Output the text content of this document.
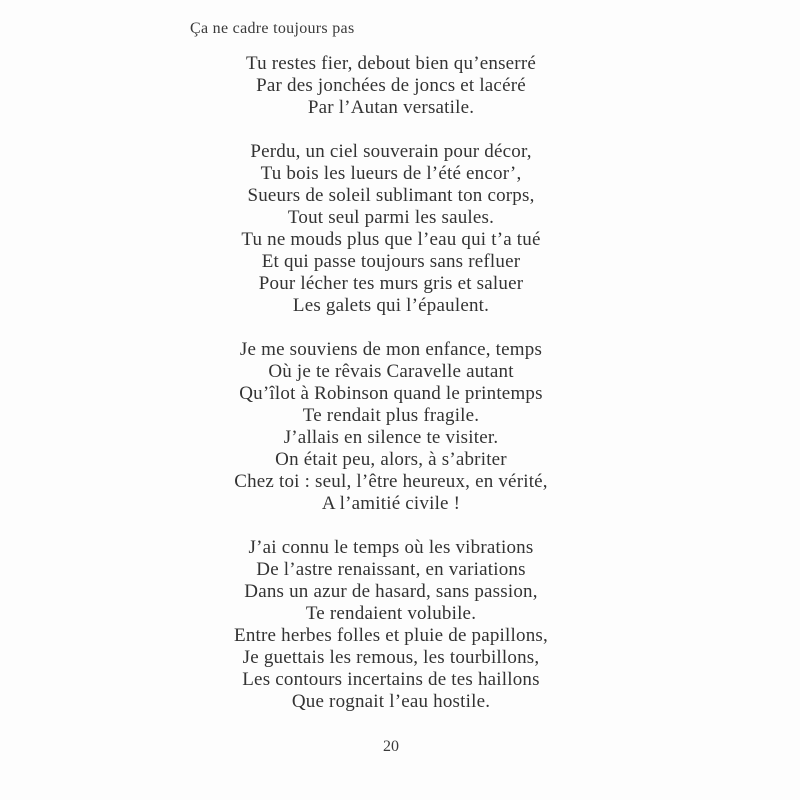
Ça ne cadre toujours pas
Tu restes fier, debout bien qu’enserré
Par des jonchées de joncs et lacéré
Par l’Autan versatile.
Perdu, un ciel souverain pour décor,
Tu bois les lueurs de l’été encor’,
Sueurs de soleil sublimant ton corps,
Tout seul parmi les saules.
Tu ne mouds plus que l’eau qui t’a tué
Et qui passe toujours sans refluer
Pour lécher tes murs gris et saluer
Les galets qui l’épaulent.
Je me souviens de mon enfance, temps
Où je te rêvais Caravelle autant
Qu’îlot à Robinson quand le printemps
Te rendait plus fragile.
J’allais en silence te visiter.
On était peu, alors, à s’abriter
Chez toi : seul, l’être heureux, en vérité,
A l’amitié civile !
J’ai connu le temps où les vibrations
De l’astre renaissant, en variations
Dans un azur de hasard, sans passion,
Te rendaient volubile.
Entre herbes folles et pluie de papillons,
Je guettais les remous, les tourbillons,
Les contours incertains de tes haillons
Que rognait l’eau hostile.
20
